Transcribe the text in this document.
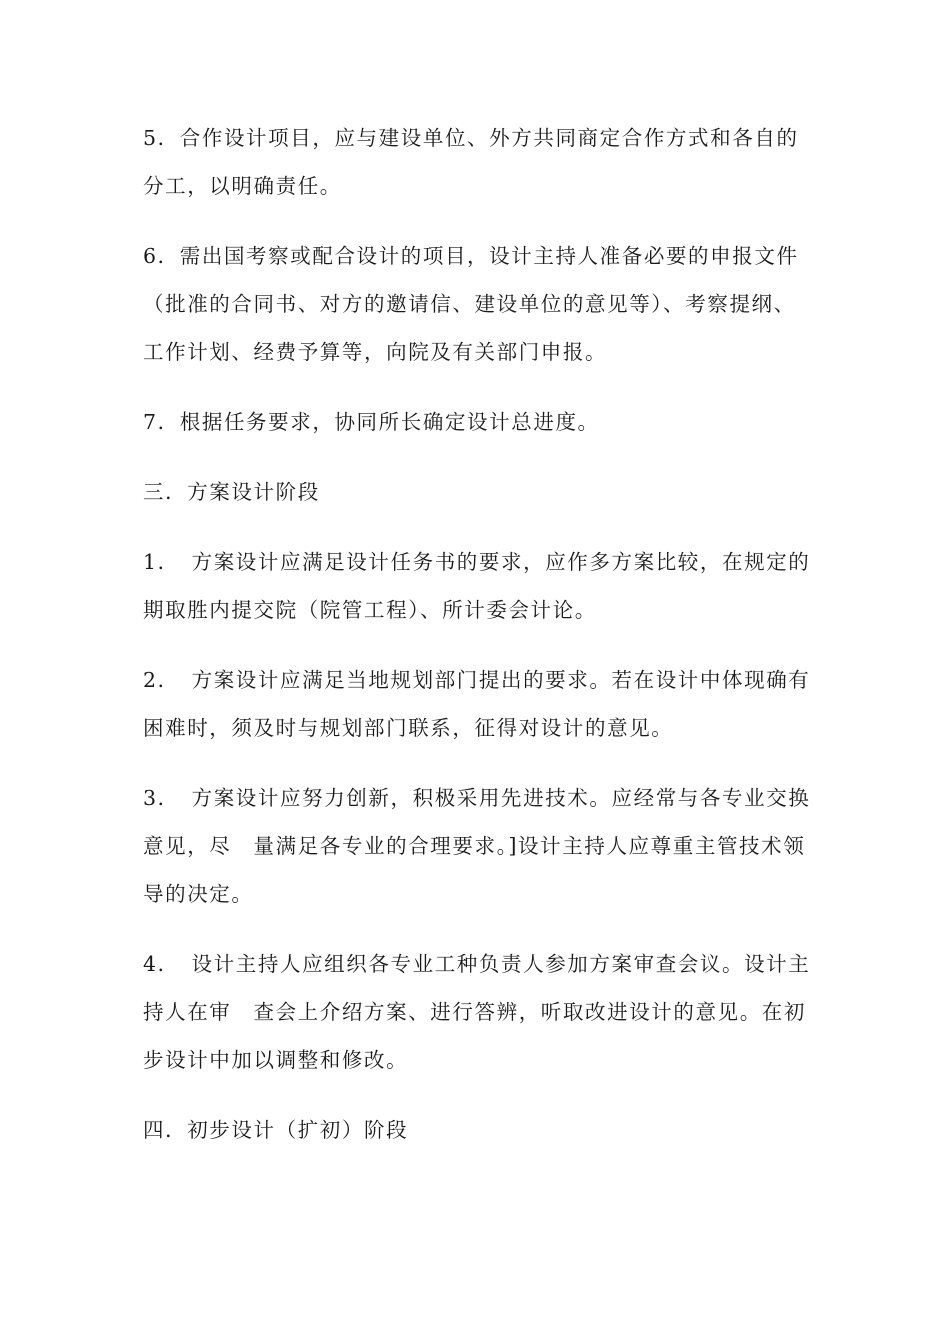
5．合作设计项目，应与建设单位、外方共同商定合作方式和各自的
分工，以明确责任。

6．需出国考察或配合设计的项目，设计主持人准备必要的申报文件
（批准的合同书、对方的邀请信、建设单位的意见等）、考察提纲、
工作计划、经费予算等，向院及有关部门申报。

7．根据任务要求，协同所长确定设计总进度。

三．方案设计阶段

1．　方案设计应满足设计任务书的要求，应作多方案比较，在规定的
期取胜内提交院（院管工程）、所计委会计论。

2．　方案设计应满足当地规划部门提出的要求。若在设计中体现确有
困难时，须及时与规划部门联系，征得对设计的意见。

3．　方案设计应努力创新，积极采用先进技术。应经常与各专业交换
意见，尽　量满足各专业的合理要求。]设计主持人应尊重主管技术领
导的决定。

4．　设计主持人应组织各专业工种负责人参加方案审查会议。设计主
持人在审　查会上介绍方案、进行答辨，听取改进设计的意见。在初
步设计中加以调整和修改。

四．初步设计（扩初）阶段
